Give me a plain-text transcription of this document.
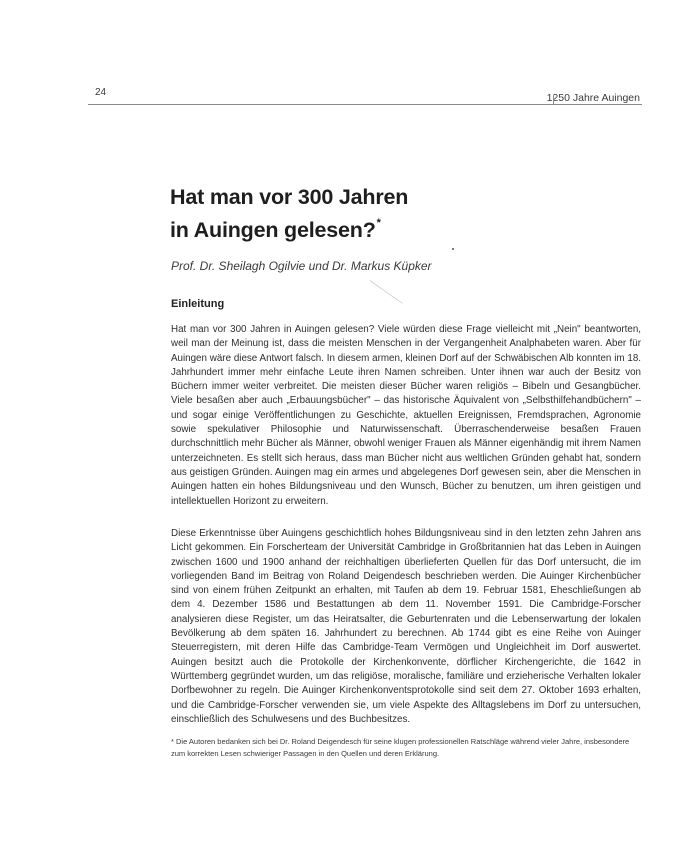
24	1250 Jahre Auingen
Hat man vor 300 Jahren
in Auingen gelesen?*
Prof. Dr. Sheilagh Ogilvie und Dr. Markus Küpker
Einleitung
Hat man vor 300 Jahren in Auingen gelesen? Viele würden diese Frage vielleicht mit „Nein" beantworten, weil man der Meinung ist, dass die meisten Menschen in der Vergangenheit Analphabeten waren. Aber für Auingen wäre diese Antwort falsch. In diesem armen, kleinen Dorf auf der Schwäbischen Alb konnten im 18. Jahrhundert immer mehr einfache Leute ihren Namen schreiben. Unter ihnen war auch der Besitz von Büchern immer weiter verbreitet. Die meisten dieser Bücher waren religiös – Bibeln und Gesangbücher. Viele besaßen aber auch „Erbauungsbücher" – das historische Äquivalent von „Selbsthilfehandbüchern" – und sogar einige Veröffentlichungen zu Geschichte, aktuellen Ereignissen, Fremdsprachen, Agronomie sowie spekulativer Philosophie und Naturwissenschaft. Überraschenderweise besaßen Frauen durchschnittlich mehr Bücher als Männer, obwohl weniger Frauen als Männer eigenhändig mit ihrem Namen unterzeichneten. Es stellt sich heraus, dass man Bücher nicht aus weltlichen Gründen gehabt hat, sondern aus geistigen Gründen. Auingen mag ein armes und abgelegenes Dorf gewesen sein, aber die Menschen in Auingen hatten ein hohes Bildungsniveau und den Wunsch, Bücher zu benutzen, um ihren geistigen und intellektuellen Horizont zu erweitern.
Diese Erkenntnisse über Auingens geschichtlich hohes Bildungsniveau sind in den letzten zehn Jahren ans Licht gekommen. Ein Forscherteam der Universität Cambridge in Großbritannien hat das Leben in Auingen zwischen 1600 und 1900 anhand der reichhaltigen überlieferten Quellen für das Dorf untersucht, die im vorliegenden Band im Beitrag von Roland Deigendesch beschrieben werden. Die Auinger Kirchenbücher sind von einem frühen Zeitpunkt an erhalten, mit Taufen ab dem 19. Februar 1581, Eheschließungen ab dem 4. Dezember 1586 und Bestattungen ab dem 11. November 1591. Die Cambridge-Forscher analysieren diese Register, um das Heiratsalter, die Geburtenraten und die Lebenserwartung der lokalen Bevölkerung ab dem späten 16. Jahrhundert zu berechnen. Ab 1744 gibt es eine Reihe von Auinger Steuerregistern, mit deren Hilfe das Cambridge-Team Vermögen und Ungleichheit im Dorf auswertet. Auingen besitzt auch die Protokolle der Kirchenkonvente, dörflicher Kirchengerichte, die 1642 in Württemberg gegründet wurden, um das religiöse, moralische, familiäre und erzieherische Verhalten lokaler Dorfbewohner zu regeln. Die Auinger Kirchenkonventsprotokolle sind seit dem 27. Oktober 1693 erhalten, und die Cambridge-Forscher verwenden sie, um viele Aspekte des Alltagslebens im Dorf zu untersuchen, einschließlich des Schulwesens und des Buchbesitzes.
* Die Autoren bedanken sich bei Dr. Roland Deigendesch für seine klugen professionellen Ratschläge während vieler Jahre, insbesondere zum korrekten Lesen schwieriger Passagen in den Quellen und deren Erklärung.
